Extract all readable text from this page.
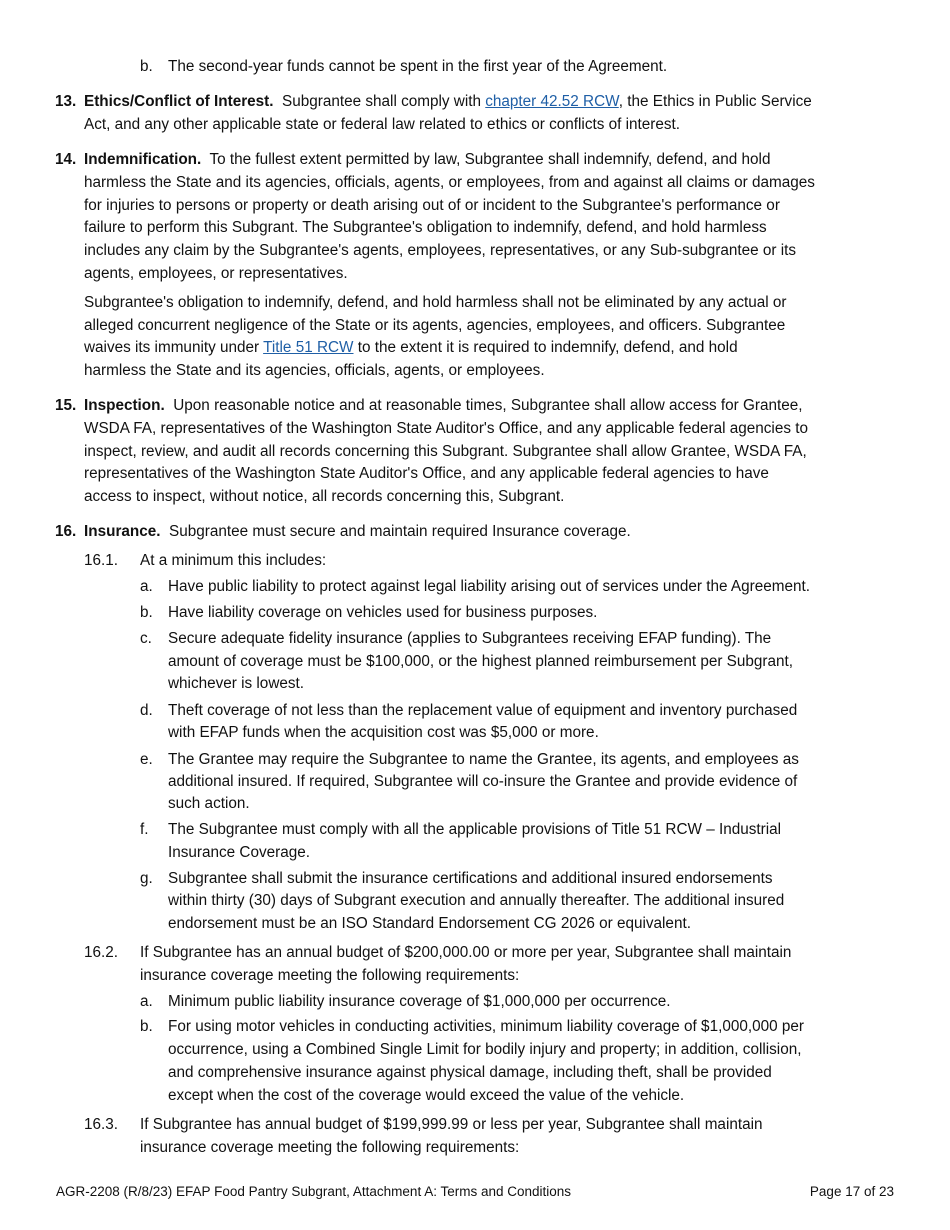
b. The second-year funds cannot be spent in the first year of the Agreement.
13. Ethics/Conflict of Interest. Subgrantee shall comply with chapter 42.52 RCW, the Ethics in Public Service
Act, and any other applicable state or federal law related to ethics or conflicts of interest.
14. Indemnification. To the fullest extent permitted by law, Subgrantee shall indemnify, defend, and hold
harmless the State and its agencies, officials, agents, or employees, from and against all claims or damages
for injuries to persons or property or death arising out of or incident to the Subgrantee's performance or
failure to perform this Subgrant. The Subgrantee's obligation to indemnify, defend, and hold harmless
includes any claim by the Subgrantee's agents, employees, representatives, or any Sub-subgrantee or its
agents, employees, or representatives.
Subgrantee's obligation to indemnify, defend, and hold harmless shall not be eliminated by any actual or
alleged concurrent negligence of the State or its agents, agencies, employees, and officers. Subgrantee
waives its immunity under Title 51 RCW to the extent it is required to indemnify, defend, and hold
harmless the State and its agencies, officials, agents, or employees.
15. Inspection. Upon reasonable notice and at reasonable times, Subgrantee shall allow access for Grantee,
WSDA FA, representatives of the Washington State Auditor's Office, and any applicable federal agencies to
inspect, review, and audit all records concerning this Subgrant. Subgrantee shall allow Grantee, WSDA FA,
representatives of the Washington State Auditor's Office, and any applicable federal agencies to have
access to inspect, without notice, all records concerning this, Subgrant.
16. Insurance. Subgrantee must secure and maintain required Insurance coverage.
16.1. At a minimum this includes:
a. Have public liability to protect against legal liability arising out of services under the Agreement.
b. Have liability coverage on vehicles used for business purposes.
c. Secure adequate fidelity insurance (applies to Subgrantees receiving EFAP funding). The
amount of coverage must be $100,000, or the highest planned reimbursement per Subgrant,
whichever is lowest.
d. Theft coverage of not less than the replacement value of equipment and inventory purchased
with EFAP funds when the acquisition cost was $5,000 or more.
e. The Grantee may require the Subgrantee to name the Grantee, its agents, and employees as
additional insured. If required, Subgrantee will co-insure the Grantee and provide evidence of
such action.
f. The Subgrantee must comply with all the applicable provisions of Title 51 RCW – Industrial
Insurance Coverage.
g. Subgrantee shall submit the insurance certifications and additional insured endorsements
within thirty (30) days of Subgrant execution and annually thereafter. The additional insured
endorsement must be an ISO Standard Endorsement CG 2026 or equivalent.
16.2. If Subgrantee has an annual budget of $200,000.00 or more per year, Subgrantee shall maintain
insurance coverage meeting the following requirements:
a. Minimum public liability insurance coverage of $1,000,000 per occurrence.
b. For using motor vehicles in conducting activities, minimum liability coverage of $1,000,000 per
occurrence, using a Combined Single Limit for bodily injury and property; in addition, collision,
and comprehensive insurance against physical damage, including theft, shall be provided
except when the cost of the coverage would exceed the value of the vehicle.
16.3. If Subgrantee has annual budget of $199,999.99 or less per year, Subgrantee shall maintain
insurance coverage meeting the following requirements:
AGR-2208 (R/8/23) EFAP Food Pantry Subgrant, Attachment A: Terms and Conditions	Page 17 of 23
